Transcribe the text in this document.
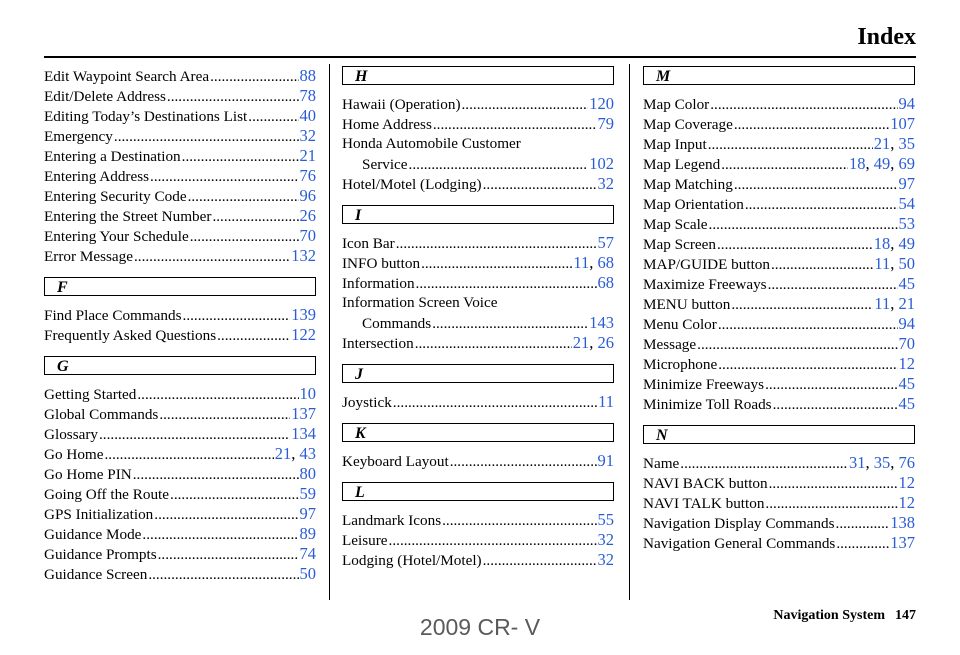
Index
Edit Waypoint Search Area .....	88
Edit/Delete Address .....	78
Editing Today’s Destinations List .....	40
Emergency .....	32
Entering a Destination .....	21
Entering Address .....	76
Entering Security Code .....	96
Entering the Street Number .....	26
Entering Your Schedule .....	70
Error Message .....	132
F
Find Place Commands .....	139
Frequently Asked Questions .....	122
G
Getting Started .....	10
Global Commands .....	137
Glossary .....	134
Go Home .....	21, 43
Go Home PIN .....	80
Going Off the Route .....	59
GPS Initialization .....	97
Guidance Mode .....	89
Guidance Prompts .....	74
Guidance Screen .....	50
H
Hawaii (Operation) .....	120
Home Address .....	79
Honda Automobile Customer
Service .....	102
Hotel/Motel (Lodging) .....	32
I
Icon Bar .....	57
INFO button .....	11, 68
Information .....	68
Information Screen Voice
Commands .....	143
Intersection .....	21, 26
J
Joystick .....	11
K
Keyboard Layout .....	91
L
Landmark Icons .....	55
Leisure .....	32
Lodging (Hotel/Motel) .....	32
M
Map Color .....	94
Map Coverage .....	107
Map Input .....	21, 35
Map Legend .....	18, 49, 69
Map Matching .....	97
Map Orientation .....	54
Map Scale .....	53
Map Screen .....	18, 49
MAP/GUIDE button .....	11, 50
Maximize Freeways .....	45
MENU button .....	11, 21
Menu Color .....	94
Message .....	70
Microphone .....	12
Minimize Freeways .....	45
Minimize Toll Roads .....	45
N
Name .....	31, 35, 76
NAVI BACK button .....	12
NAVI TALK button .....	12
Navigation Display Commands .....	138
Navigation General Commands .....	137
Navigation System 147
2009 CR- V
